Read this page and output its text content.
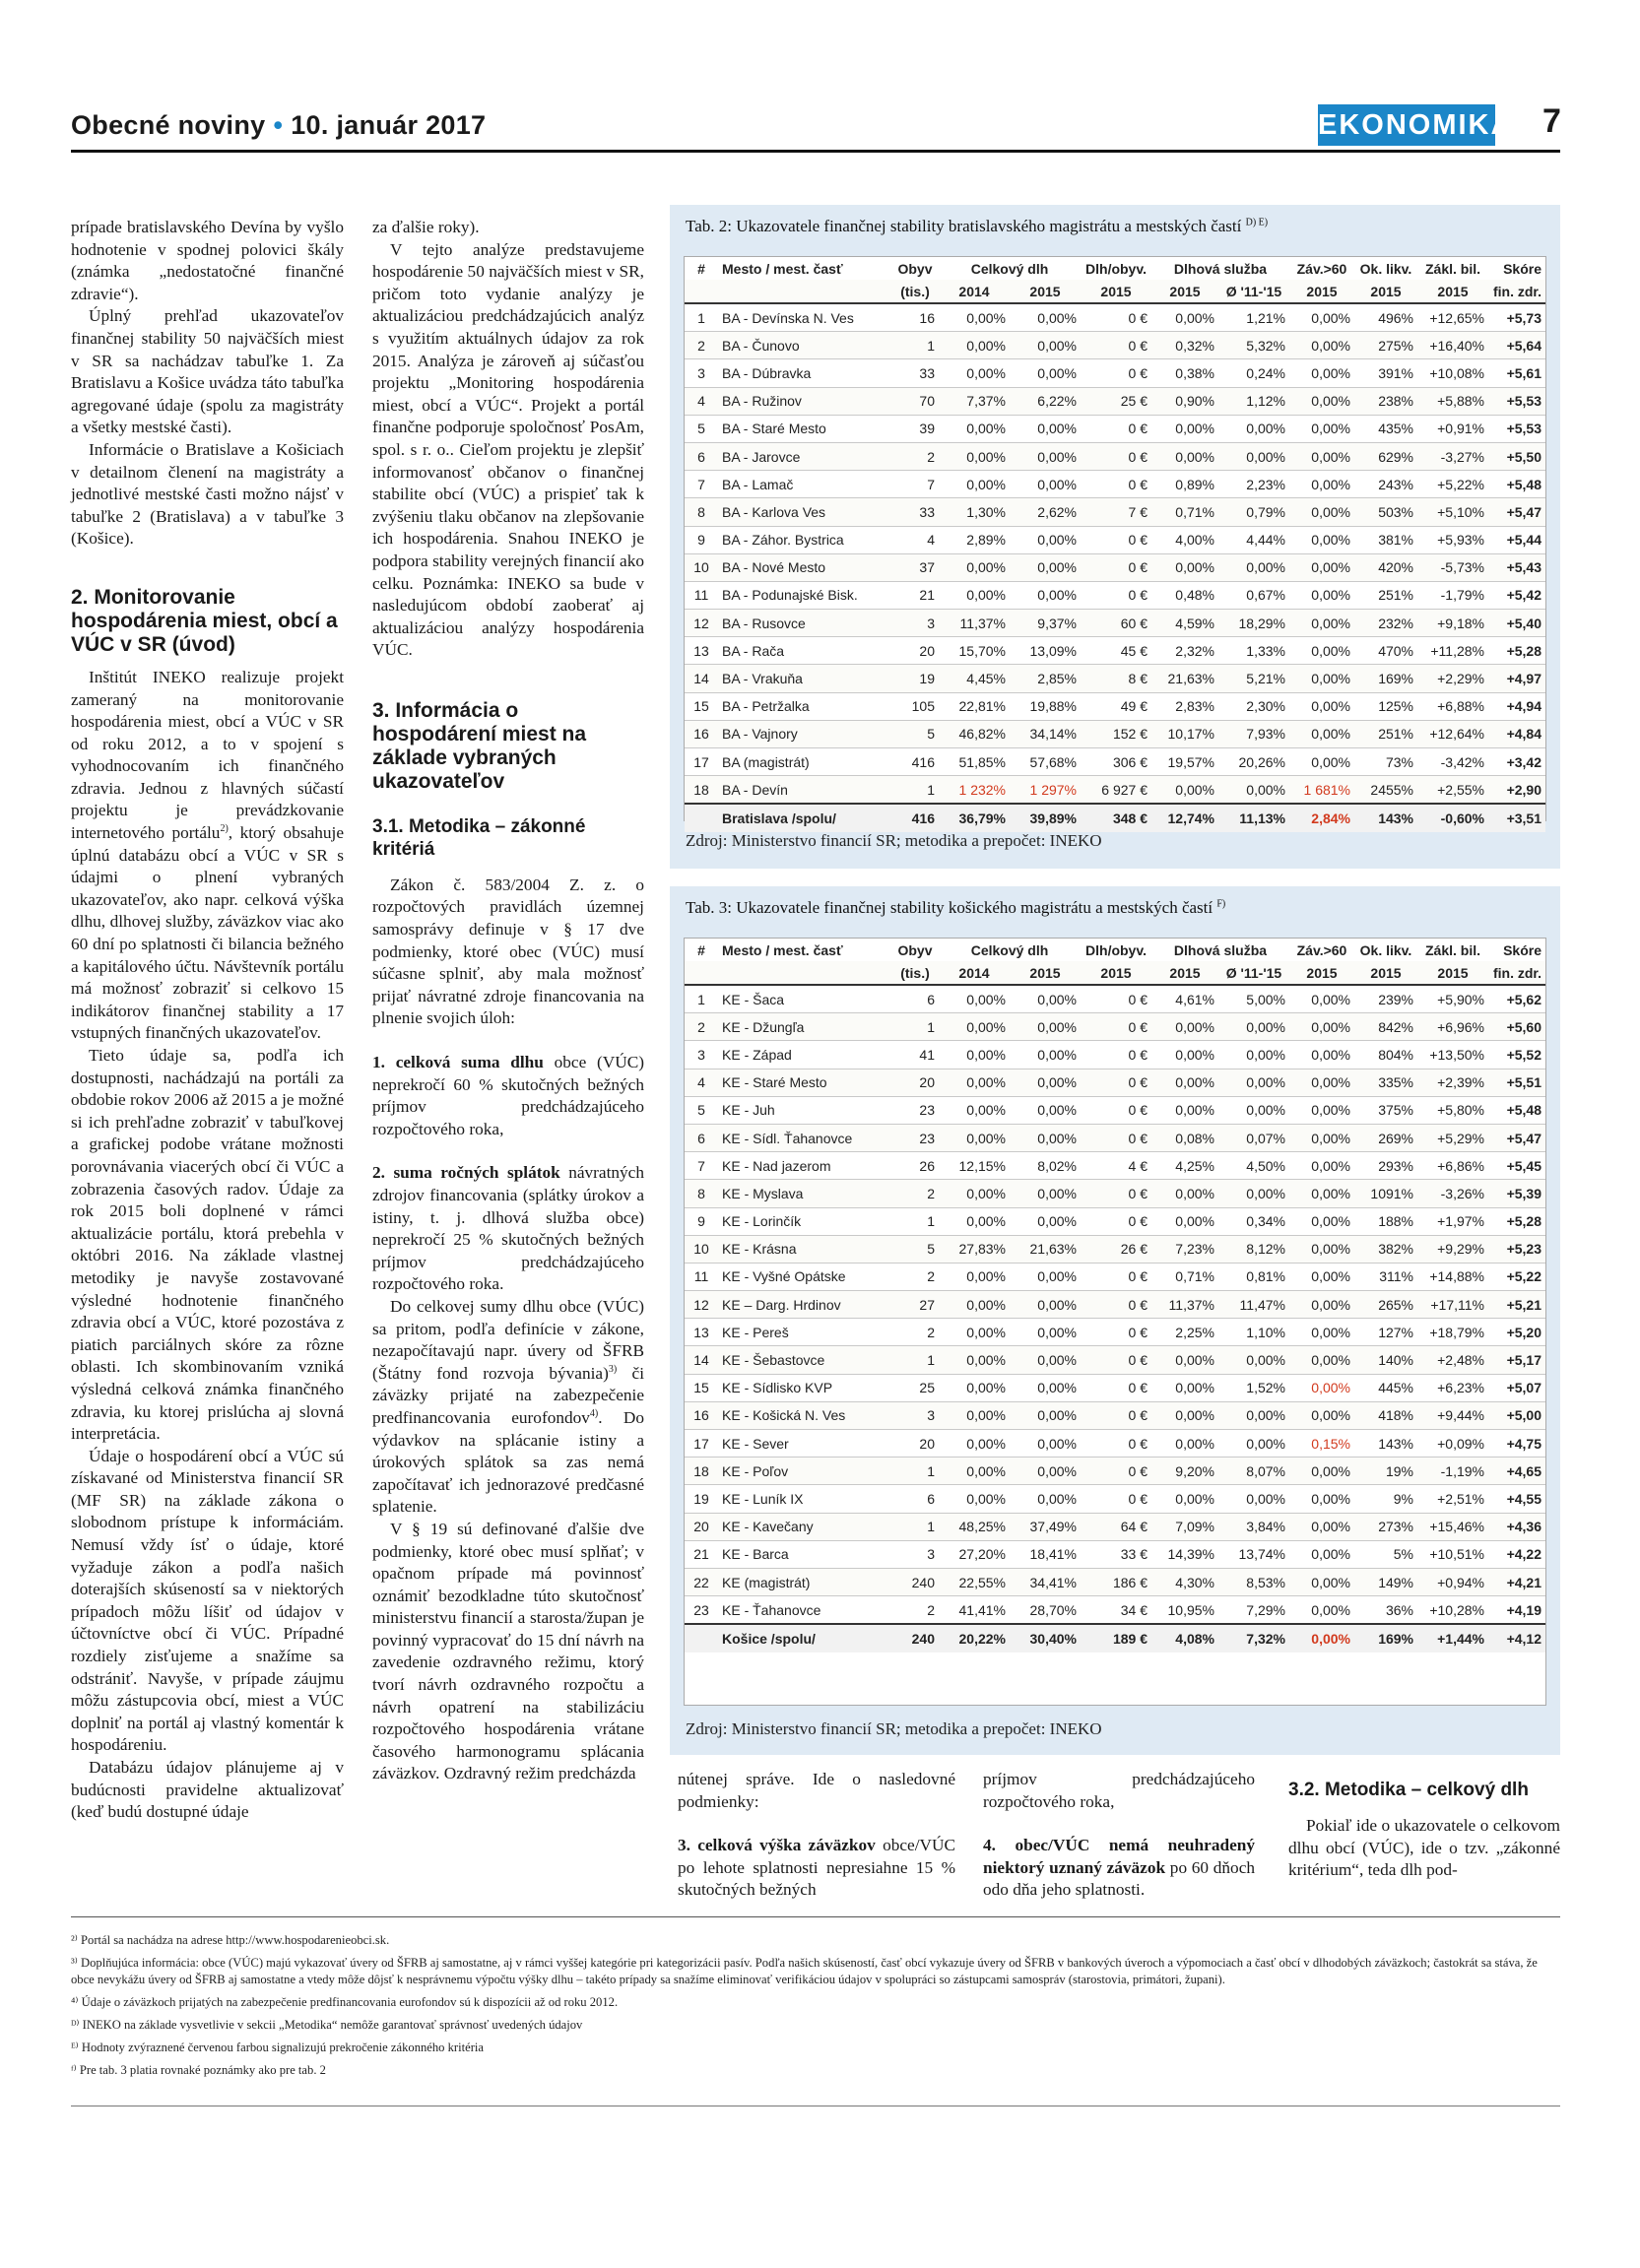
Obecné noviny • 10. január 2017	EKONOMIKA 7

prípade bratislavského Devína by vyšlo hodnotenie v spodnej polovici škály (známka „nedostatočné finančné zdravie“).

Úplný prehľad ukazovateľov finančnej stability 50 najväčších miest v SR sa nachádzav tabuľke 1. Za Bratislavu a Košice uvádza táto tabuľka agregované údaje (spolu za magistráty a všetky mestské časti).

Informácie o Bratislave a Košiciach v detailnom členení na magistráty a jednotlivé mestské časti možno nájsť v tabuľke 2 (Bratislava) a v tabuľke 3 (Košice).

2. Monitorovanie hospodárenia miest, obcí a VÚC v SR (úvod)

Inštitút INEKO realizuje projekt zameraný na monitorovanie hospodárenia miest, obcí a VÚC v SR od roku 2012, a to v spojení s vyhodnocovaním ich finančného zdravia. Jednou z hlavných súčastí projektu je prevádzkovanie internetového portálu$^{2)}$, ktorý obsahuje úplnú databázu obcí a VÚC v SR s údajmi o plnení vybraných ukazovateľov, ako napr. celková výška dlhu, dlhovej služby, záväzkov viac ako 60 dní po splatnosti či bilancia bežného a kapitálového účtu. Návštevník portálu má možnosť zobraziť si celkovo 15 indikátorov finančnej stability a 17 vstupných finančných ukazovateľov.

Tieto údaje sa, podľa ich dostupnosti, nachádzajú na portáli za obdobie rokov 2006 až 2015 a je možné si ich prehľadne zobraziť v tabuľkovej a grafickej podobe vrátane možnosti porovnávania viacerých obcí či VÚC a zobrazenia časových radov. Údaje za rok 2015 boli doplnené v rámci aktualizácie portálu, ktorá prebehla v októbri 2016. Na základe vlastnej metodiky je navyše zostavované výsledné hodnotenie finančného zdravia obcí a VÚC, ktoré pozostáva z piatich parciálnych skóre za rôzne oblasti. Ich skombinovaním vzniká výsledná celková známka finančného zdravia, ku ktorej prislúcha aj slovná interpretácia.

Údaje o hospodárení obcí a VÚC sú získavané od Ministerstva financií SR (MF SR) na základe zákona o slobodnom prístupe k informáciám. Nemusí vždy ísť o údaje, ktoré vyžaduje zákon a podľa našich doterajších skúseností sa v niektorých prípadoch môžu líšiť od údajov v účtovníctve obcí či VÚC. Prípadné rozdiely zisťujeme a snažíme sa odstrániť. Navyše, v prípade záujmu môžu zástupcovia obcí, miest a VÚC doplniť na portál aj vlastný komentár k hospodáreniu.

Databázu údajov plánujeme aj v budúcnosti pravidelne aktualizovať (keď budú dostupné údaje

za ďalšie roky).

V tejto analýze predstavujeme hospodárenie 50 najväčších miest v SR, pričom toto vydanie analýzy je aktualizáciou predchádzajúcich analýz s využitím aktuálnych údajov za rok 2015. Analýza je zároveň aj súčasťou projektu „Monitoring hospodárenia miest, obcí a VÚC“. Projekt a portál finančne podporuje spoločnosť PosAm, spol. s r. o.. Cieľom projektu je zlepšiť informovanosť občanov o finančnej stabilite obcí (VÚC) a prispieť tak k zvýšeniu tlaku občanov na zlepšovanie ich hospodárenia. Snahou INEKO je podpora stability verejných financií ako celku. Poznámka: INEKO sa bude v nasledujúcom období zaoberať aj aktualizáciou analýzy hospodárenia VÚC.

3. Informácia o hospodárení miest na základe vybraných ukazovateľov
3.1. Metodika – zákonné kritériá

Zákon č. 583/2004 Z. z. o rozpočtových pravidlách územnej samosprávy definuje v § 17 dve podmienky, ktoré obec (VÚC) musí súčasne splniť, aby mala možnosť prijať návratné zdroje financovania na plnenie svojich úloh:

1. celková suma dlhu obce (VÚC) neprekročí 60 % skutočných bežných príjmov predchádzajúceho rozpočtového roka,

2. suma ročných splátok návratných zdrojov financovania (splátky úrokov a istiny, t. j. dlhová služba obce) neprekročí 25 % skutočných bežných príjmov predchádzajúceho rozpočtového roka.

Do celkovej sumy dlhu obce (VÚC) sa pritom, podľa definície v zákone, nezapočítavajú napr. úvery od ŠFRB (Štátny fond rozvoja bývania)$^{3)}$ či záväzky prijaté na zabezpečenie predfinancovania eurofondov$^{4)}$. Do výdavkov na splácanie istiny a úrokových splátok sa zas nemá započítavať ich jednorazové predčasné splatenie.

V § 19 sú definované ďalšie dve podmienky, ktoré obec musí splňať; v opačnom prípade má povinnosť oznámiť bezodkladne túto skutočnosť ministerstvu financií a starosta/župan je povinný vypracovať do 15 dní návrh na zavedenie ozdravného režimu, ktorý tvorí návrh ozdravného rozpočtu a návrh opatrení na stabilizáciu rozpočtového hospodárenia vrátane časového harmonogramu splácania záväzkov. Ozdravný režim predcházda

Tab. 2: Ukazovatele finančnej stability bratislavského magistrátu a mestských častí $^{D) E)}$
#	Mesto / mest. časť	Obyv	Celkový dlh		Dlh/obyv.	Dlhová služba		Záv.>60	Ok. likv.	Zákl. bil.	Skóre
		(tis.)	2014	2015	2015	2015	Ø '11-'15	2015	2015	2015	fin. zdr.
1	BA - Devínska N. Ves	16	0,00%	0,00%	0 €	0,00%	1,21%	0,00%	496%	+12,65%	+5,73
2	BA - Čunovo	1	0,00%	0,00%	0 €	0,32%	5,32%	0,00%	275%	+16,40%	+5,64
3	BA - Dúbravka	33	0,00%	0,00%	0 €	0,38%	0,24%	0,00%	391%	+10,08%	+5,61
4	BA - Ružinov	70	7,37%	6,22%	25 €	0,90%	1,12%	0,00%	238%	+5,88%	+5,53
5	BA - Staré Mesto	39	0,00%	0,00%	0 €	0,00%	0,00%	0,00%	435%	+0,91%	+5,53
6	BA - Jarovce	2	0,00%	0,00%	0 €	0,00%	0,00%	0,00%	629%	-3,27%	+5,50
7	BA - Lamač	7	0,00%	0,00%	0 €	0,89%	2,23%	0,00%	243%	+5,22%	+5,48
8	BA - Karlova Ves	33	1,30%	2,62%	7 €	0,71%	0,79%	0,00%	503%	+5,10%	+5,47
9	BA - Záhor. Bystrica	4	2,89%	0,00%	0 €	4,00%	4,44%	0,00%	381%	+5,93%	+5,44
10	BA - Nové Mesto	37	0,00%	0,00%	0 €	0,00%	0,00%	0,00%	420%	-5,73%	+5,43
11	BA - Podunajské Bisk.	21	0,00%	0,00%	0 €	0,48%	0,67%	0,00%	251%	-1,79%	+5,42
12	BA - Rusovce	3	11,37%	9,37%	60 €	4,59%	18,29%	0,00%	232%	+9,18%	+5,40
13	BA - Rača	20	15,70%	13,09%	45 €	2,32%	1,33%	0,00%	470%	+11,28%	+5,28
14	BA - Vrakuňa	19	4,45%	2,85%	8 €	21,63%	5,21%	0,00%	169%	+2,29%	+4,97
15	BA - Petržalka	105	22,81%	19,88%	49 €	2,83%	2,30%	0,00%	125%	+6,88%	+4,94
16	BA - Vajnory	5	46,82%	34,14%	152 €	10,17%	7,93%	0,00%	251%	+12,64%	+4,84
17	BA (magistrát)	416	51,85%	57,68%	306 €	19,57%	20,26%	0,00%	73%	-3,42%	+3,42
18	BA - Devín	1	1 232%	1 297%	6 927 €	0,00%	0,00%	1 681%	2455%	+2,55%	+2,90
	Bratislava /spolu/	416	36,79%	39,89%	348 €	12,74%	11,13%	2,84%	143%	-0,60%	+3,51
Zdroj: Ministerstvo financií SR; metodika a prepočet: INEKO
Tab. 3: Ukazovatele finančnej stability košického magistrátu a mestských častí $^{F)}$
#	Mesto / mest. časť	Obyv	Celkový dlh		Dlh/obyv.	Dlhová služba		Záv.>60	Ok. likv.	Zákl. bil.	Skóre
		(tis.)	2014	2015	2015	2015	Ø '11-'15	2015	2015	2015	fin. zdr.
1	KE - Šaca	6	0,00%	0,00%	0 €	4,61%	5,00%	0,00%	239%	+5,90%	+5,62
2	KE - Džungľa	1	0,00%	0,00%	0 €	0,00%	0,00%	0,00%	842%	+6,96%	+5,60
3	KE - Západ	41	0,00%	0,00%	0 €	0,00%	0,00%	0,00%	804%	+13,50%	+5,52
4	KE - Staré Mesto	20	0,00%	0,00%	0 €	0,00%	0,00%	0,00%	335%	+2,39%	+5,51
5	KE - Juh	23	0,00%	0,00%	0 €	0,00%	0,00%	0,00%	375%	+5,80%	+5,48
6	KE - Sídl. Ťahanovce	23	0,00%	0,00%	0 €	0,08%	0,07%	0,00%	269%	+5,29%	+5,47
7	KE - Nad jazerom	26	12,15%	8,02%	4 €	4,25%	4,50%	0,00%	293%	+6,86%	+5,45
8	KE - Myslava	2	0,00%	0,00%	0 €	0,00%	0,00%	0,00%	1091%	-3,26%	+5,39
9	KE - Lorinčík	1	0,00%	0,00%	0 €	0,00%	0,34%	0,00%	188%	+1,97%	+5,28
10	KE - Krásna	5	27,83%	21,63%	26 €	7,23%	8,12%	0,00%	382%	+9,29%	+5,23
11	KE - Vyšné Opátske	2	0,00%	0,00%	0 €	0,71%	0,81%	0,00%	311%	+14,88%	+5,22
12	KE – Darg. Hrdinov	27	0,00%	0,00%	0 €	11,37%	11,47%	0,00%	265%	+17,11%	+5,21
13	KE - Pereš	2	0,00%	0,00%	0 €	2,25%	1,10%	0,00%	127%	+18,79%	+5,20
14	KE - Šebastovce	1	0,00%	0,00%	0 €	0,00%	0,00%	0,00%	140%	+2,48%	+5,17
15	KE - Sídlisko KVP	25	0,00%	0,00%	0 €	0,00%	1,52%	0,00%	445%	+6,23%	+5,07
16	KE - Košická N. Ves	3	0,00%	0,00%	0 €	0,00%	0,00%	0,00%	418%	+9,44%	+5,00
17	KE - Sever	20	0,00%	0,00%	0 €	0,00%	0,00%	0,15%	143%	+0,09%	+4,75
18	KE - Poľov	1	0,00%	0,00%	0 €	9,20%	8,07%	0,00%	19%	-1,19%	+4,65
19	KE - Luník IX	6	0,00%	0,00%	0 €	0,00%	0,00%	0,00%	9%	+2,51%	+4,55
20	KE - Kavečany	1	48,25%	37,49%	64 €	7,09%	3,84%	0,00%	273%	+15,46%	+4,36
21	KE - Barca	3	27,20%	18,41%	33 €	14,39%	13,74%	0,00%	5%	+10,51%	+4,22
22	KE (magistrát)	240	22,55%	34,41%	186 €	4,30%	8,53%	0,00%	149%	+0,94%	+4,21
23	KE - Ťahanovce	2	41,41%	28,70%	34 €	10,95%	7,29%	0,00%	36%	+10,28%	+4,19
	Košice /spolu/	240	20,22%	30,40%	189 €	4,08%	7,32%	0,00%	169%	+1,44%	+4,12
Zdroj: Ministerstvo financií SR; metodika a prepočet: INEKO

nútenej správe. Ide o nasledovné podmienky:

3. celková výška záväzkov obce/VÚC po lehote splatnosti nepresiahne 15 % skutočných bežných

príjmov predchádzajúceho rozpočtového roka,

4. obec/VÚC nemá neuhradený niektorý uznaný záväzok po 60 dňoch odo dňa jeho splatnosti.

3.2. Metodika – celkový dlh

Pokiaľ ide o ukazovatele o celkovom dlhu obcí (VÚC), ide o tzv. „zákonné kritérium“, teda dlh pod-

²⁾ Portál sa nachádza na adrese http://www.hospodarenieobci.sk.
³⁾ Doplňujúca informácia: obce (VÚC) majú vykazovať úvery od ŠFRB aj samostatne, aj v rámci vyššej kategórie pri kategorizácii pasív. Podľa našich skúseností, časť obcí vykazuje úvery od ŠFRB v bankových úveroch a výpomociach a časť obcí v dlhodobých záväzkoch; častokrát sa stáva, že obce nevykážu úvery od ŠFRB aj samostatne a vtedy môže dôjsť k nesprávnemu výpočtu výšky dlhu – takéto prípady sa snažíme eliminovať verifikáciou údajov v spolupráci so zástupcami samospráv (starostovia, primátori, župani).
⁴⁾ Údaje o záväzkoch prijatých na zabezpečenie predfinancovania eurofondov sú k dispozícii až od roku 2012.
ᴰ⁾ INEKO na základe vysvetlivie v sekcii „Metodika“ nemôže garantovať správnosť uvedených údajov
ᴱ⁾ Hodnoty zvýraznené červenou farbou signalizujú prekročenie zákonného kritéria
ᶠ⁾ Pre tab. 3 platia rovnaké poznámky ako pre tab. 2
